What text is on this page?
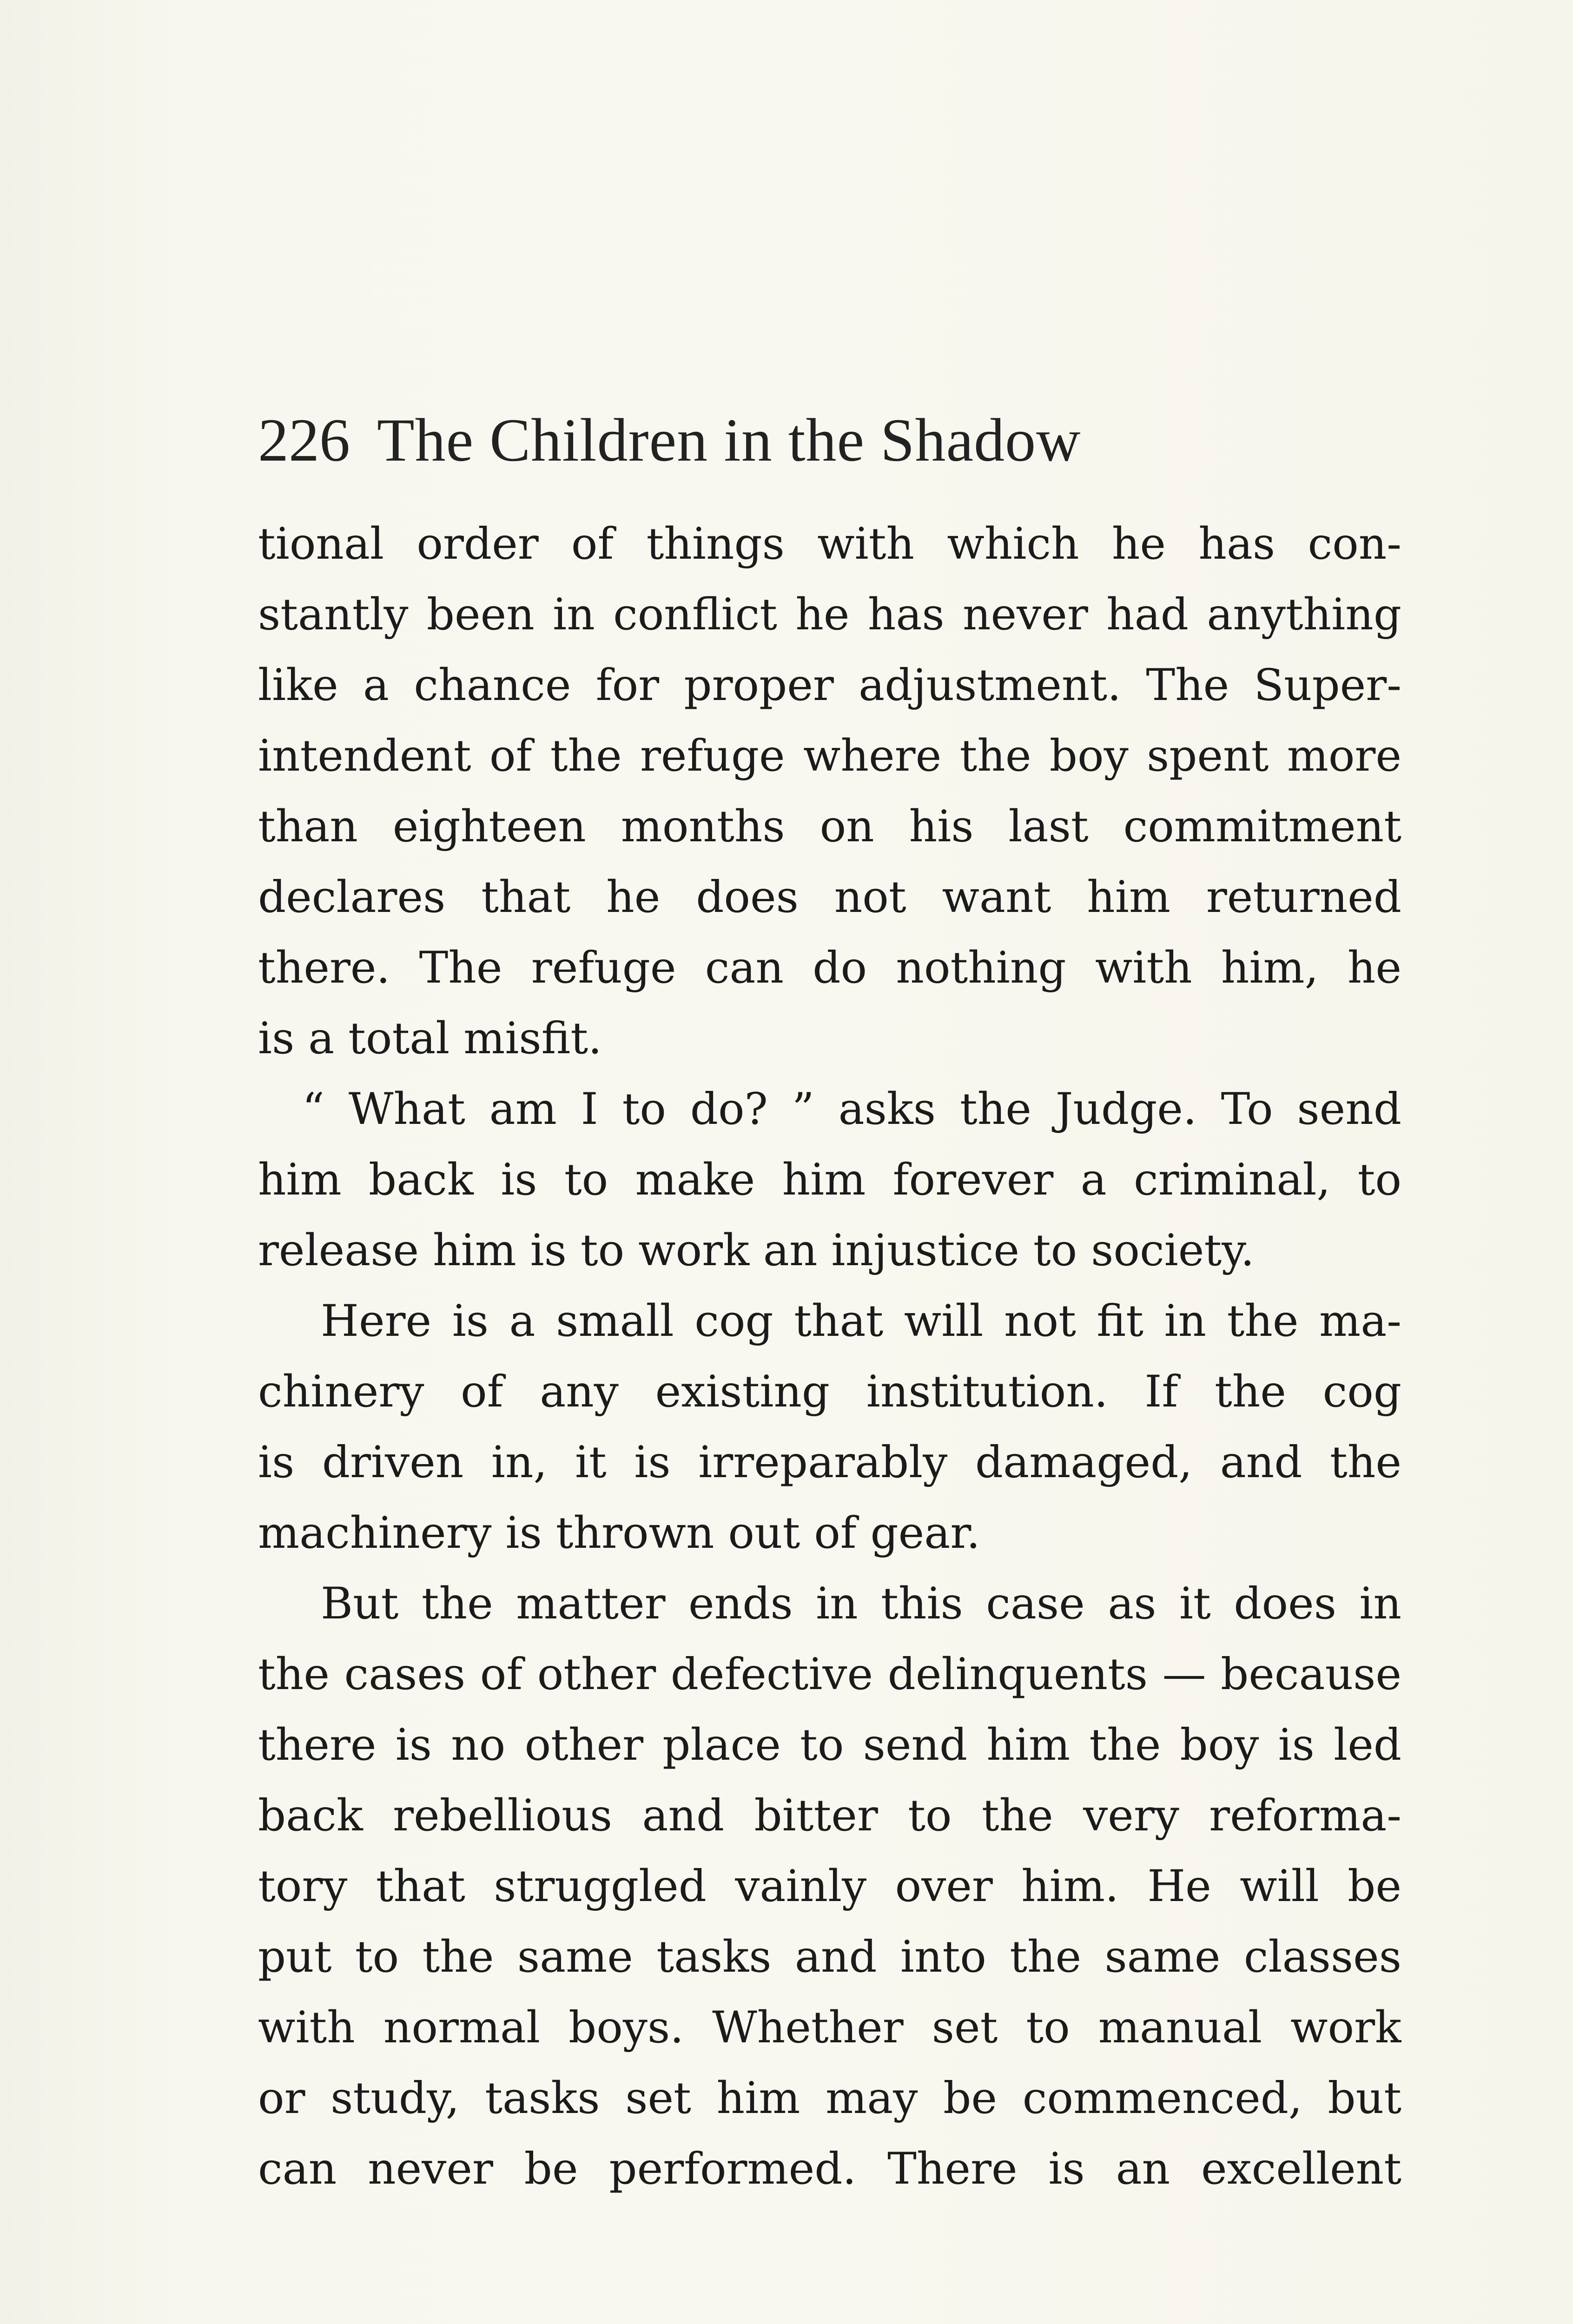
226 The Children in the Shadow
tional order of things with which he has con-
stantly been in conflict he has never had anything
like a chance for proper adjustment. The Super-
intendent of the refuge where the boy spent more
than eighteen months on his last commitment
declares that he does not want him returned
there. The refuge can do nothing with him, he
is a total misfit.
“ What am I to do? ” asks the Judge. To send
him back is to make him forever a criminal, to
release him is to work an injustice to society.
Here is a small cog that will not fit in the ma-
chinery of any existing institution. If the cog
is driven in, it is irreparably damaged, and the
machinery is thrown out of gear.
But the matter ends in this case as it does in
the cases of other defective delinquents — because
there is no other place to send him the boy is led
back rebellious and bitter to the very reforma-
tory that struggled vainly over him. He will be
put to the same tasks and into the same classes
with normal boys. Whether set to manual work
or study, tasks set him may be commenced, but
can never be performed. There is an excellent
